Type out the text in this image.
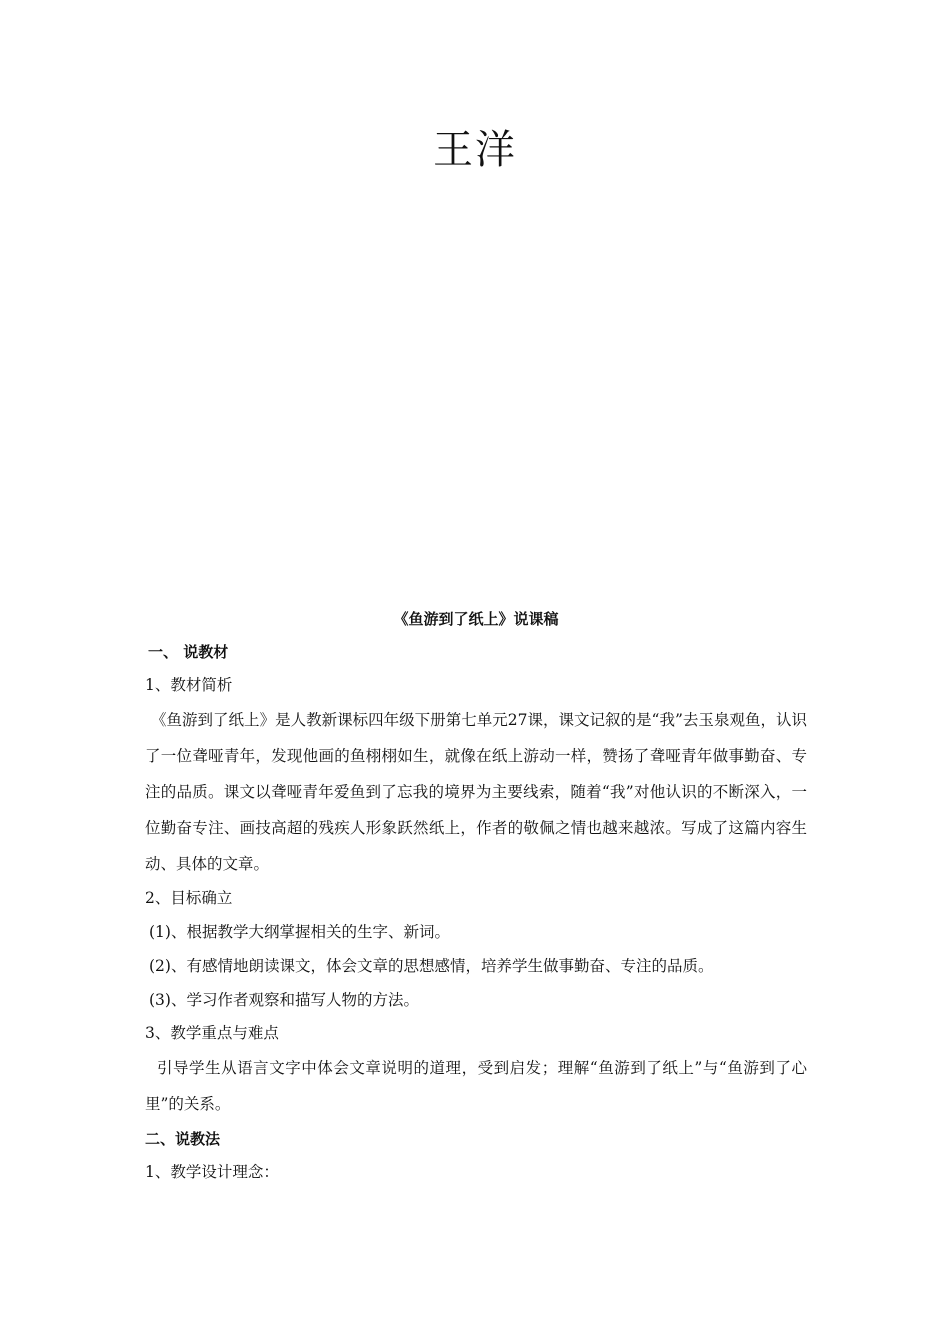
王洋
《鱼游到了纸上》说课稿
一、 说教材
1、教材简析
《鱼游到了纸上》是人教新课标四年级下册第七单元27课，课文记叙的是“我”去玉泉观鱼，认识了一位聋哑青年，发现他画的鱼栩栩如生，就像在纸上游动一样，赞扬了聋哑青年做事勤奋、专注的品质。课文以聋哑青年爱鱼到了忘我的境界为主要线索，随着“我”对他认识的不断深入，一位勤奋专注、画技高超的残疾人形象跃然纸上，作者的敬佩之情也越来越浓。写成了这篇内容生动、具体的文章。
2、目标确立
(1)、根据教学大纲掌握相关的生字、新词。
(2)、有感情地朗读课文，体会文章的思想感情，培养学生做事勤奋、专注的品质。
(3)、学习作者观察和描写人物的方法。
3、教学重点与难点
引导学生从语言文字中体会文章说明的道理，受到启发；理解“鱼游到了纸上”与“鱼游到了心里”的关系。
二、说教法
1、教学设计理念：
